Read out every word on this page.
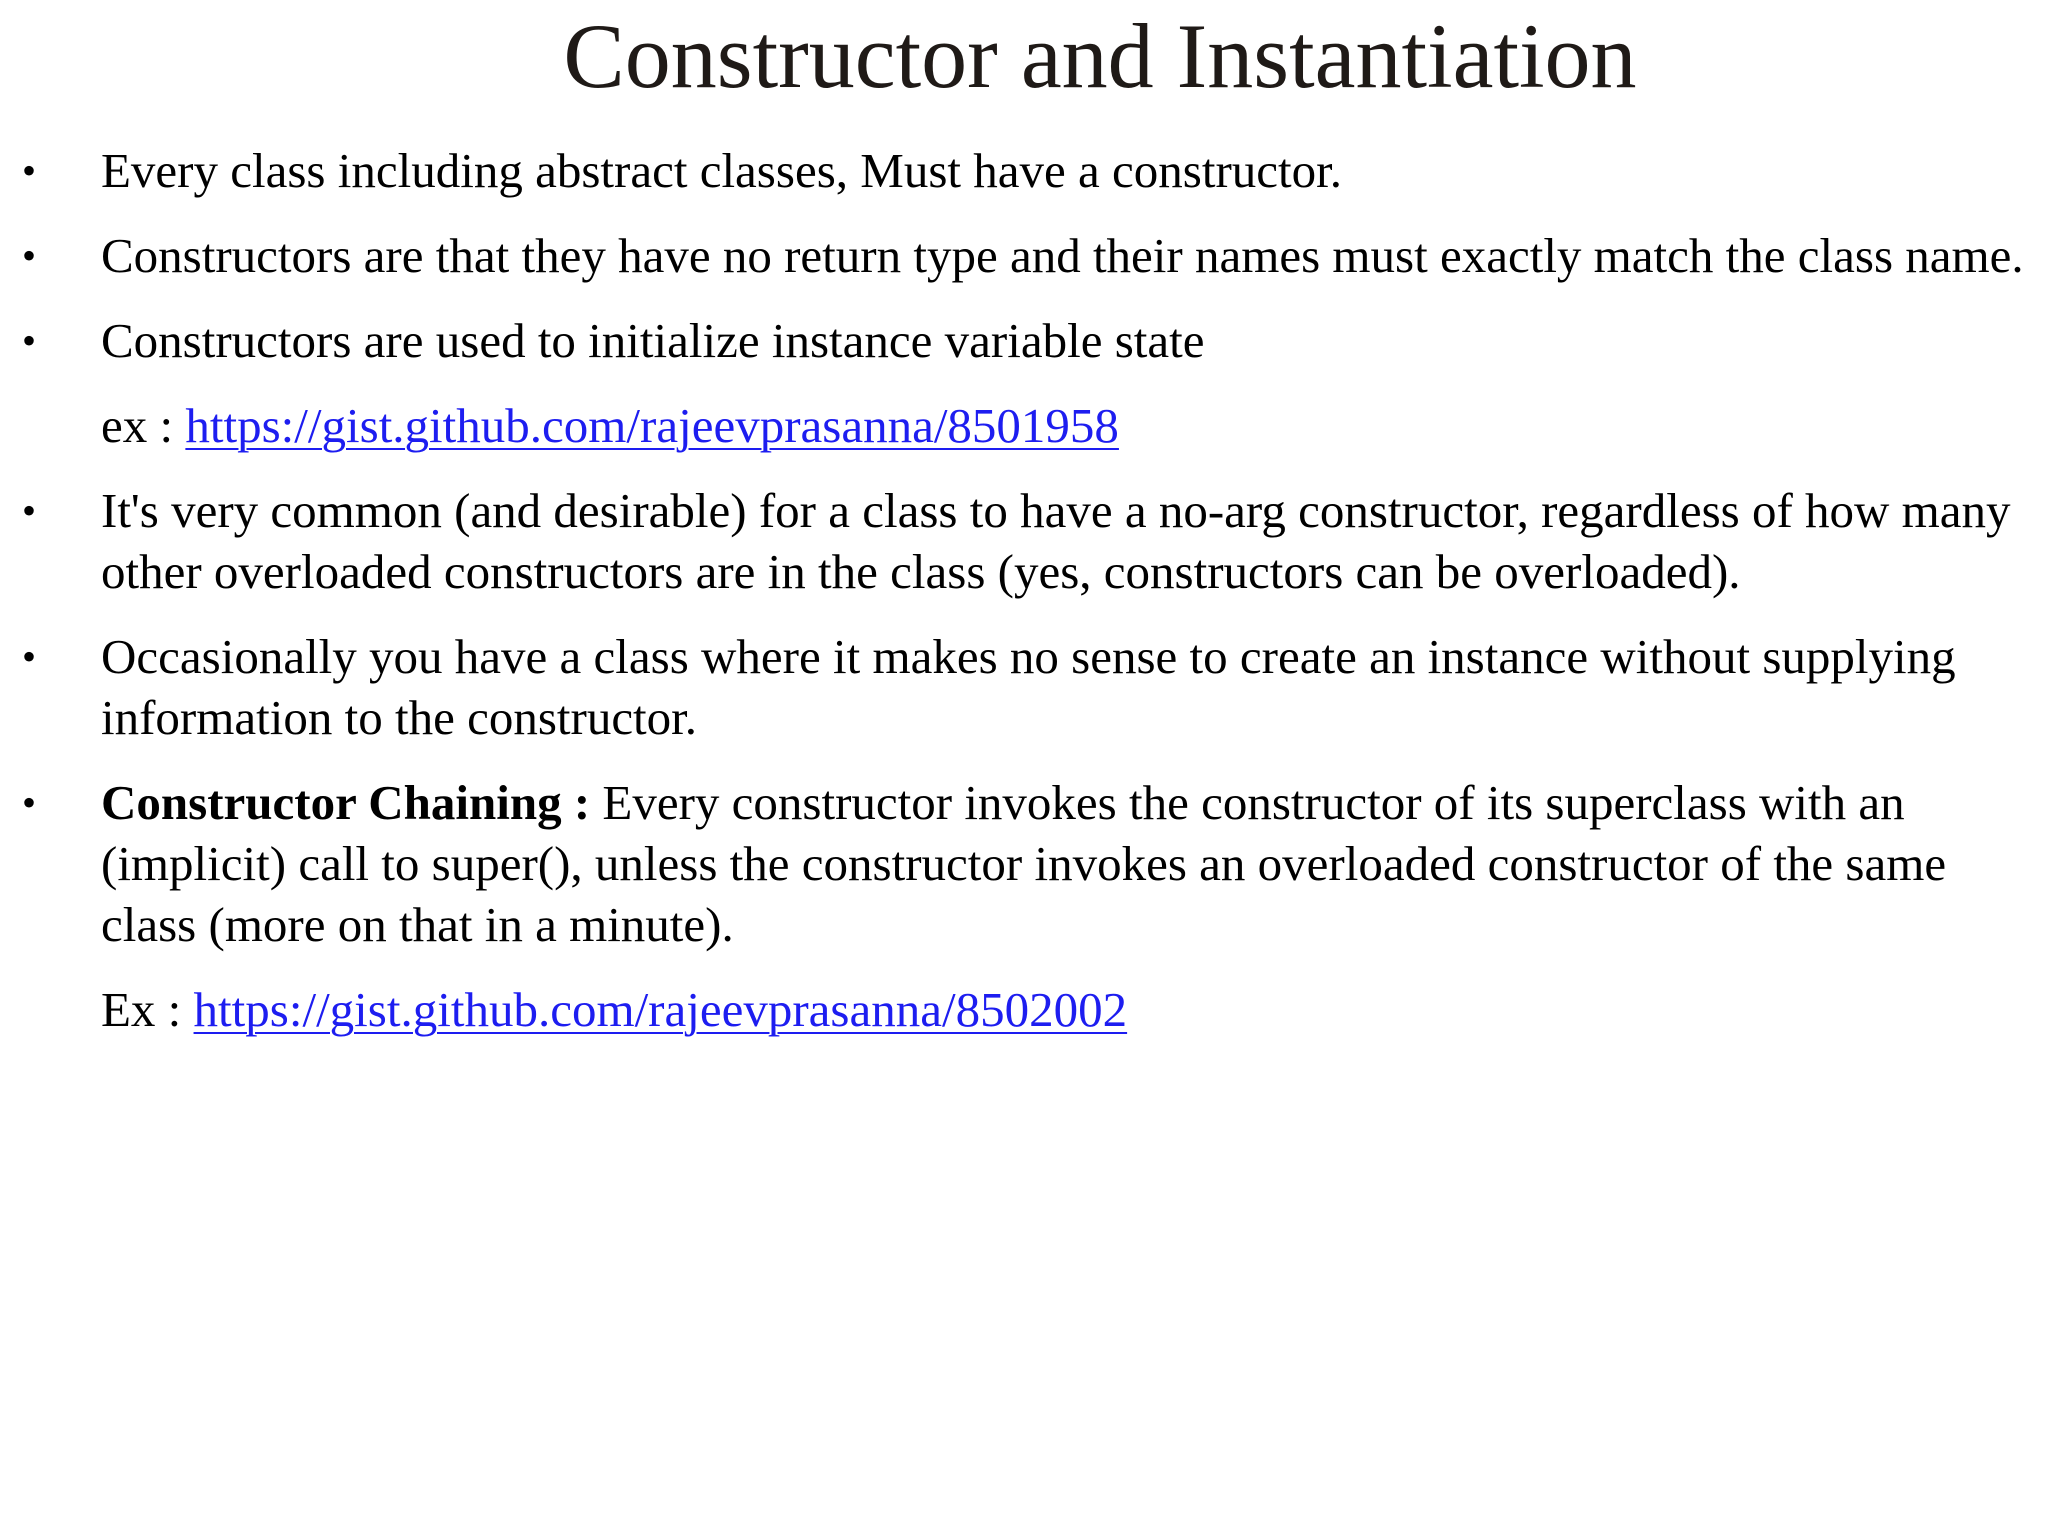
Constructor and Instantiation
• Every class including abstract classes, Must have a constructor.
• Constructors are that they have no return type and their names must exactly match the class name.
• Constructors are used to initialize instance variable state
ex : https://gist.github.com/rajeevprasanna/8501958
• It's very common (and desirable) for a class to have a no-arg constructor, regardless of how many other overloaded constructors are in the class (yes, constructors can be overloaded).
• Occasionally you have a class where it makes no sense to create an instance without supplying information to the constructor.
• Constructor Chaining : Every constructor invokes the constructor of its superclass with an (implicit) call to super(), unless the constructor invokes an overloaded constructor of the same class (more on that in a minute).
Ex : https://gist.github.com/rajeevprasanna/8502002
